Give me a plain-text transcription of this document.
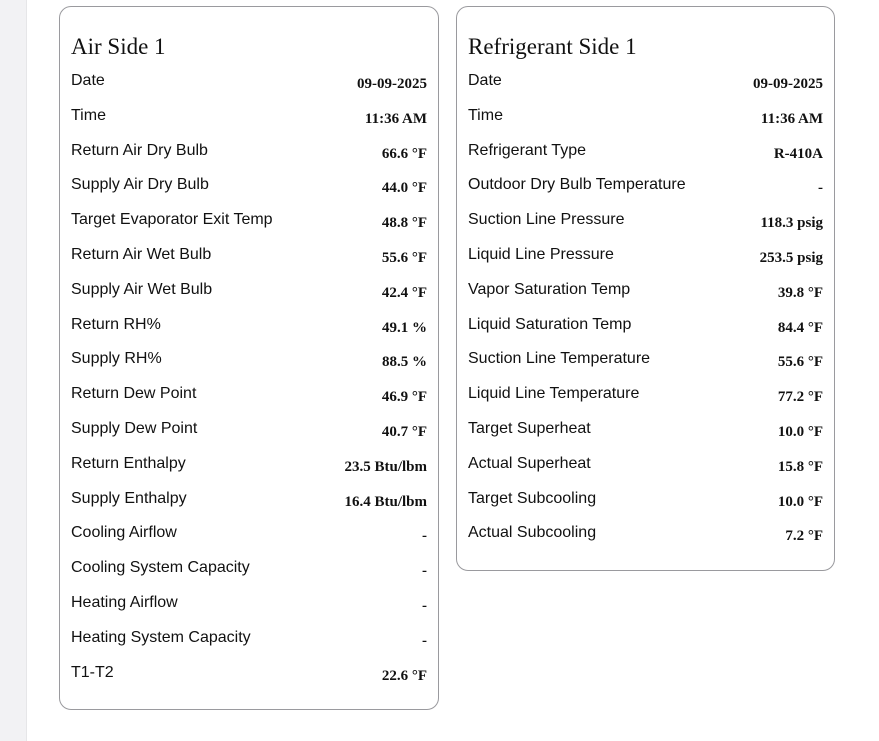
Air Side 1
Date	09-09-2025
Time	11:36 AM
Return Air Dry Bulb	66.6 °F
Supply Air Dry Bulb	44.0 °F
Target Evaporator Exit Temp	48.8 °F
Return Air Wet Bulb	55.6 °F
Supply Air Wet Bulb	42.4 °F
Return RH%	49.1 %
Supply RH%	88.5 %
Return Dew Point	46.9 °F
Supply Dew Point	40.7 °F
Return Enthalpy	23.5 Btu/lbm
Supply Enthalpy	16.4 Btu/lbm
Cooling Airflow	-
Cooling System Capacity	-
Heating Airflow	-
Heating System Capacity	-
T1-T2	22.6 °F
Refrigerant Side 1
Date	09-09-2025
Time	11:36 AM
Refrigerant Type	R-410A
Outdoor Dry Bulb Temperature	-
Suction Line Pressure	118.3 psig
Liquid Line Pressure	253.5 psig
Vapor Saturation Temp	39.8 °F
Liquid Saturation Temp	84.4 °F
Suction Line Temperature	55.6 °F
Liquid Line Temperature	77.2 °F
Target Superheat	10.0 °F
Actual Superheat	15.8 °F
Target Subcooling	10.0 °F
Actual Subcooling	7.2 °F
